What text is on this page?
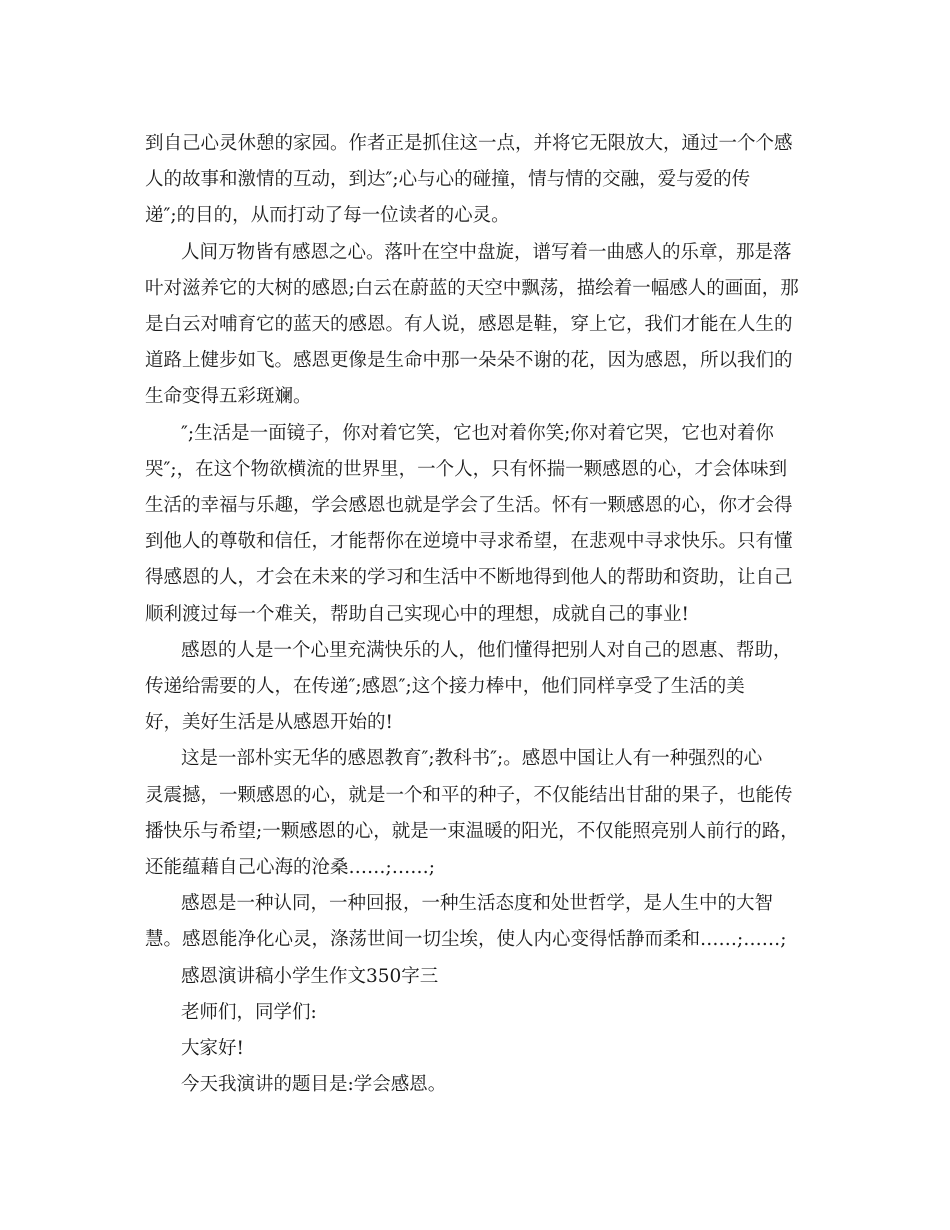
到自己心灵休憩的家园。作者正是抓住这一点，并将它无限放大，通过一个个感
人的故事和激情的互动，到达″;心与心的碰撞，情与情的交融，爱与爱的传
递″;的目的，从而打动了每一位读者的心灵。
人间万物皆有感恩之心。落叶在空中盘旋，谱写着一曲感人的乐章，那是落
叶对滋养它的大树的感恩;白云在蔚蓝的天空中飘荡，描绘着一幅感人的画面，那
是白云对哺育它的蓝天的感恩。有人说，感恩是鞋，穿上它，我们才能在人生的
道路上健步如飞。感恩更像是生命中那一朵朵不谢的花，因为感恩，所以我们的
生命变得五彩斑斓。
″;生活是一面镜子，你对着它笑，它也对着你笑;你对着它哭，它也对着你
哭″;，在这个物欲横流的世界里，一个人，只有怀揣一颗感恩的心，才会体味到
生活的幸福与乐趣，学会感恩也就是学会了生活。怀有一颗感恩的心，你才会得
到他人的尊敬和信任，才能帮你在逆境中寻求希望，在悲观中寻求快乐。只有懂
得感恩的人，才会在未来的学习和生活中不断地得到他人的帮助和资助，让自己
顺利渡过每一个难关，帮助自己实现心中的理想，成就自己的事业!
感恩的人是一个心里充满快乐的人，他们懂得把别人对自己的恩惠、帮助，
传递给需要的人，在传递″;感恩″;这个接力棒中，他们同样享受了生活的美
好，美好生活是从感恩开始的!
这是一部朴实无华的感恩教育″;教科书″;。感恩中国让人有一种强烈的心
灵震撼，一颗感恩的心，就是一个和平的种子，不仅能结出甘甜的果子，也能传
播快乐与希望;一颗感恩的心，就是一束温暖的阳光，不仅能照亮别人前行的路，
还能蕴藉自己心海的沧桑……;……;
感恩是一种认同，一种回报，一种生活态度和处世哲学，是人生中的大智
慧。感恩能净化心灵，涤荡世间一切尘埃，使人内心变得恬静而柔和……;……;
感恩演讲稿小学生作文350字三
老师们，同学们:
大家好!
今天我演讲的题目是:学会感恩。
